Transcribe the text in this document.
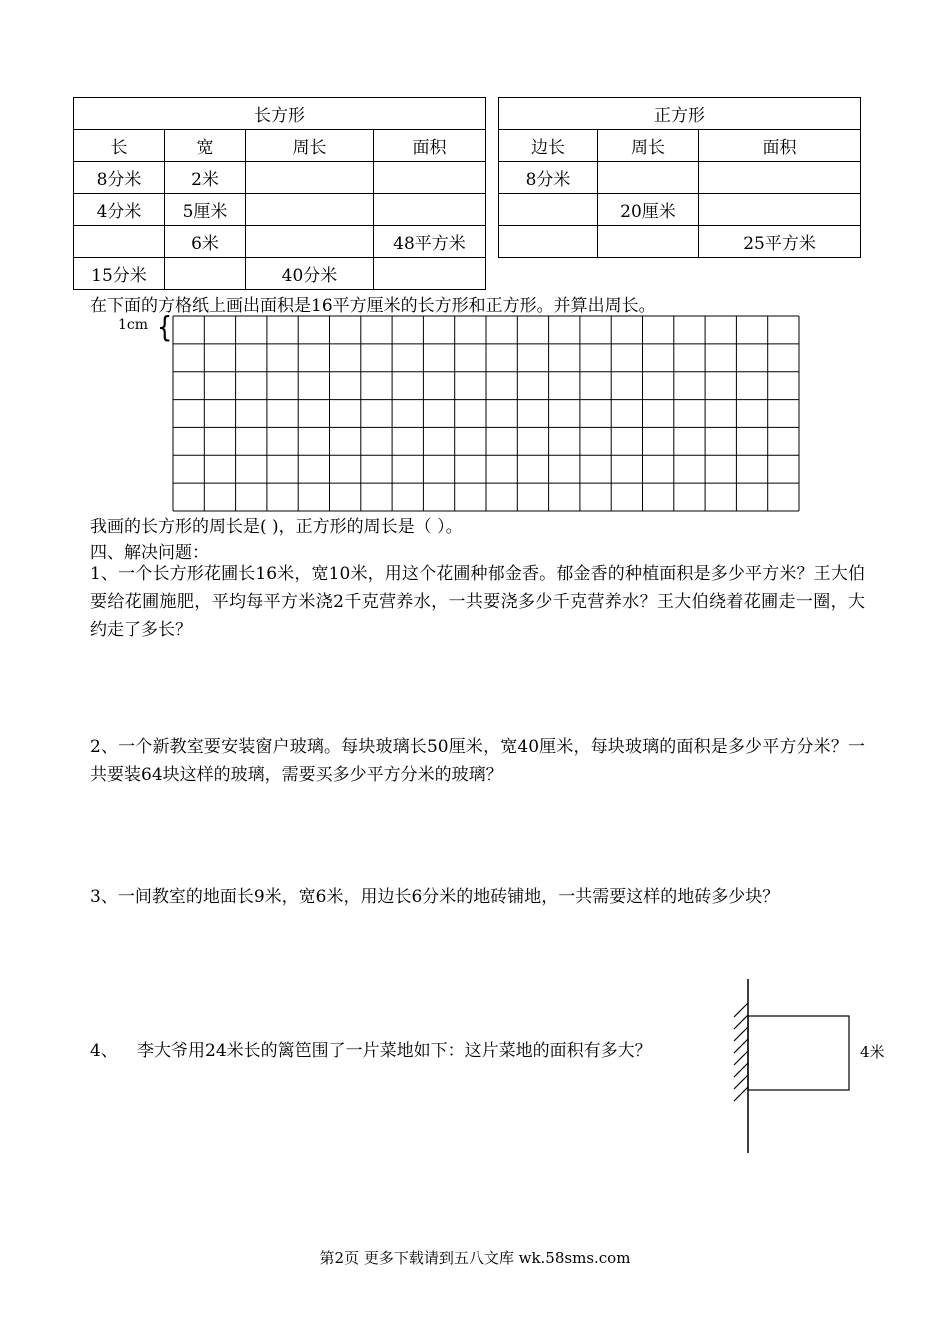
长方形			
长	宽	周长	面积
8分米	2米		
4分米	5厘米		
	6米		48平方米
15分米		40分米	
正方形		
边长	周长	面积
8分米		
	20厘米	
		25平方米
在下面的方格纸上画出面积是16平方厘米的长方形和正方形。并算出周长。
1cm {
我画的长方形的周长是( )，正方形的周长是（ ）。
四、解决问题：
1、一个长方形花圃长16米，宽10米，用这个花圃种郁金香。郁金香的种植面积是多少平方米？王大伯要给花圃施肥，平均每平方米浇2千克营养水，一共要浇多少千克营养水？王大伯绕着花圃走一圈，大约走了多长？
2、一个新教室要安装窗户玻璃。每块玻璃长50厘米，宽40厘米，每块玻璃的面积是多少平方分米？一共要装64块这样的玻璃，需要买多少平方分米的玻璃？
3、一间教室的地面长9米，宽6米，用边长6分米的地砖铺地，一共需要这样的地砖多少块？
4、 李大爷用24米长的篱笆围了一片菜地如下：这片菜地的面积有多大？	4米
第2页 更多下载请到五八文库 wk.58sms.com
